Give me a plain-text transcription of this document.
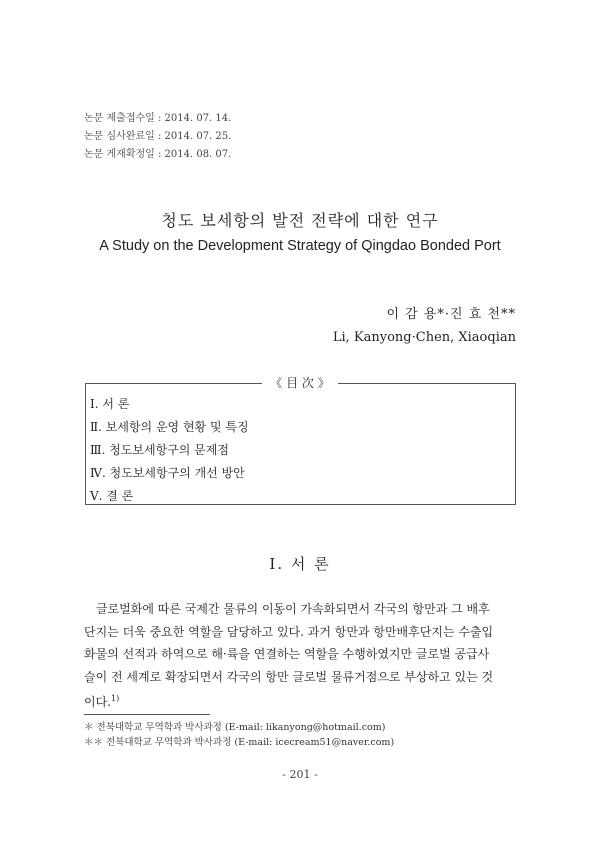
논문 제출접수일 : 2014. 07. 14.
논문 심사완료일 : 2014. 07. 25.
논문 게재확정일 : 2014. 08. 07.
청도 보세항의 발전 전략에 대한 연구
A Study on the Development Strategy of Qingdao Bonded Port
이 감 용*·진 효 천**
Li, Kanyong·Chen, Xiaoqian
《 目 次 》
Ⅰ. 서 론
Ⅱ. 보세항의 운영 현황 및 특징
Ⅲ. 청도보세항구의 문제점
Ⅳ. 청도보세항구의 개선 방안
Ⅴ. 결 론
Ⅰ. 서 론
　글로벌화에 따른 국제간 물류의 이동이 가속화되면서 각국의 항만과 그 배후
단지는 더욱 중요한 역할을 담당하고 있다. 과거 항만과 항만배후단지는 수출입
화물의 선적과 하역으로 해·륙을 연결하는 역할을 수행하였지만 글로벌 공급사
슬이 전 세계로 확장되면서 각국의 항만 글로벌 물류거점으로 부상하고 있는 것
이다.$^{1)}$
＊ 전북대학교 무역학과 박사과정 (E-mail: likanyong@hotmail.com)
＊＊ 전북대학교 무역학과 박사과정 (E-mail: icecream51@naver.com)
- 201 -
